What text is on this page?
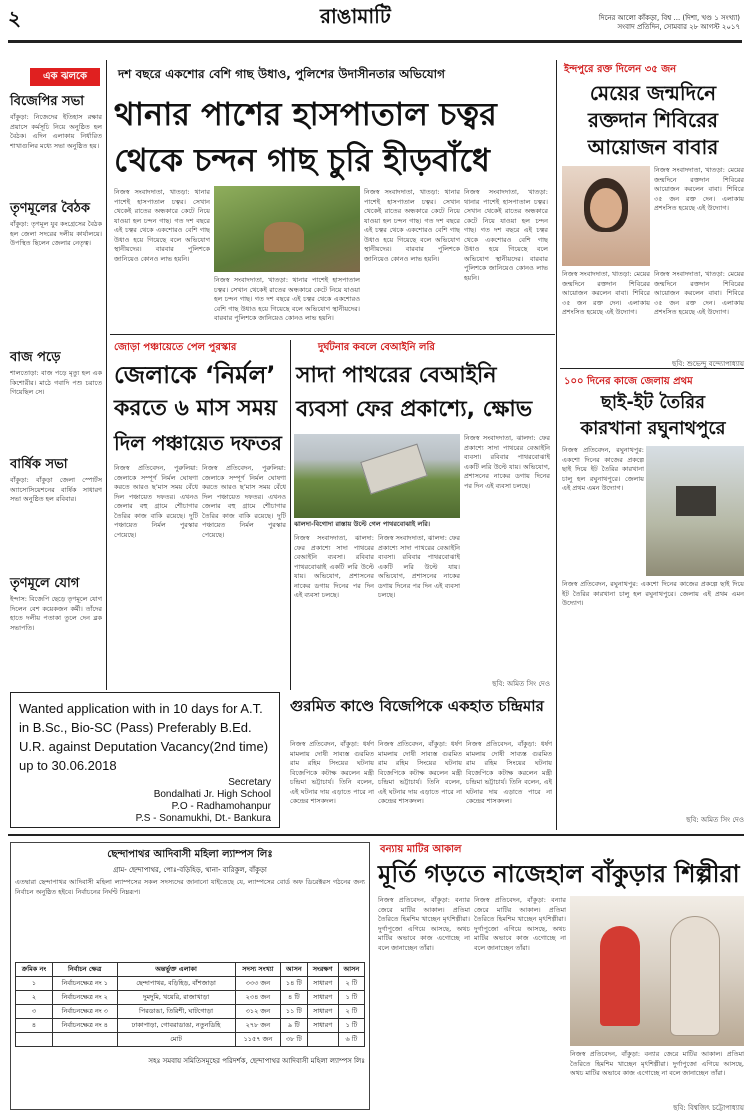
২	রাঙামাটি	দিনের আলো কাঁকড়া, বিশ্ব ... (দিশা, খণ্ড ১ সংখ্যা)
সংবাদ প্রতিদিন, সোমবার ২৮ আগস্ট ২০১৭
এক ঝলকে
বিজেপির সভা
বাঁকুড়া: নিজেদের ইতিহাস রক্ষার প্রয়াসে কর্মসূচি নিয়ে অনুষ্ঠিত হল বৈঠক। এদিন এলাকায় নির্ধারিত শাখাগুলির মধ্যে সভা অনুষ্ঠিত হয়।
তৃণমূলের বৈঠক
বাঁকুড়া: তৃণমূল যুব কংগ্রেসের বৈঠক হল জেলা সদরের দলীয় কার্যালয়ে। উপস্থিত ছিলেন জেলার নেতৃত্ব।
বাজ পড়ে
শালতোড়া: বাজ পড়ে মৃত্যু হল এক কিশোরীর। মাঠে গবাদি পশু চরাতে গিয়েছিল সে।
বার্ষিক সভা
বাঁকুড়া: বাঁকুড়া জেলা স্পোর্টস অ্যাসোসিয়েশনের বার্ষিক সাধারণ সভা অনুষ্ঠিত হল রবিবার।
তৃণমূলে যোগ
ইন্দাস: বিজেপি ছেড়ে তৃণমূলে যোগ দিলেন বেশ কয়েকজন কর্মী। তাঁদের হাতে দলীয় পতাকা তুলে দেন ব্লক সভাপতি।
দশ বছরে একশোর বেশি গাছ উধাও, পুলিশের উদাসীনতার অভিযোগ
থানার পাশের হাসপাতাল চত্বর
থেকে চন্দন গাছ চুরি হীড়বাঁধে
নিজস্ব সংবাদদাতা, খাতড়া: থানার পাশেই হাসপাতাল চত্বর। সেখান থেকেই রাতের অন্ধকারে কেটে নিয়ে যাওয়া হল চন্দন গাছ। গত দশ বছরে এই চত্বর থেকে একশোরও বেশি গাছ উধাও হয়ে গিয়েছে বলে অভিযোগ স্থানীয়দের। বারবার পুলিশকে জানিয়েও কোনও লাভ হয়নি।
নিজস্ব সংবাদদাতা, খাতড়া: থানার পাশেই হাসপাতাল চত্বর। সেখান থেকেই রাতের অন্ধকারে কেটে নিয়ে যাওয়া হল চন্দন গাছ। গত দশ বছরে এই চত্বর থেকে একশোরও বেশি গাছ উধাও হয়ে গিয়েছে বলে অভিযোগ স্থানীয়দের। বারবার পুলিশকে জানিয়েও কোনও লাভ হয়নি।
নিজস্ব সংবাদদাতা, খাতড়া: থানার পাশেই হাসপাতাল চত্বর। সেখান থেকেই রাতের অন্ধকারে কেটে নিয়ে যাওয়া হল চন্দন গাছ। গত দশ বছরে এই চত্বর থেকে একশোরও বেশি গাছ উধাও হয়ে গিয়েছে বলে অভিযোগ স্থানীয়দের। বারবার পুলিশকে জানিয়েও কোনও লাভ হয়নি।
নিজস্ব সংবাদদাতা, খাতড়া: থানার পাশেই হাসপাতাল চত্বর। সেখান থেকেই রাতের অন্ধকারে কেটে নিয়ে যাওয়া হল চন্দন গাছ। গত দশ বছরে এই চত্বর থেকে একশোরও বেশি গাছ উধাও হয়ে গিয়েছে বলে অভিযোগ স্থানীয়দের। বারবার পুলিশকে জানিয়েও কোনও লাভ হয়নি।
জোড়া পঞ্চায়েতে পেল পুরস্কার
জেলাকে ‘নির্মল’
করতে ৬ মাস সময়
দিল পঞ্চায়েত দফতর
নিজস্ব প্রতিবেদন, পুরুলিয়া: জেলাকে সম্পূর্ণ নির্মল ঘোষণা করতে আরও ছ’মাস সময় বেঁধে দিল পঞ্চায়েত দফতর। এখনও জেলার বহু গ্রামে শৌচাগার তৈরির কাজ বাকি রয়েছে। দুটি পঞ্চায়েত নির্মল পুরস্কার পেয়েছে।
নিজস্ব প্রতিবেদন, পুরুলিয়া: জেলাকে সম্পূর্ণ নির্মল ঘোষণা করতে আরও ছ’মাস সময় বেঁধে দিল পঞ্চায়েত দফতর। এখনও জেলার বহু গ্রামে শৌচাগার তৈরির কাজ বাকি রয়েছে। দুটি পঞ্চায়েত নির্মল পুরস্কার পেয়েছে।
দুর্ঘটনার কবলে বেআইনি লরি
সাদা পাথরের বেআইনি
ব্যবসা ফের প্রকাশ্যে, ক্ষোভ
ঝালদা-বিগোদা রাস্তায় উল্টে গেল পাথরবোঝাই লরি।
নিজস্ব সংবাদদাতা, ঝালদা: ফের প্রকাশ্যে সাদা পাথরের বেআইনি ব্যবসা। রবিবার পাথরবোঝাই একটি লরি উল্টে যায়। অভিযোগ, প্রশাসনের নাকের ডগায় দিনের পর দিন এই ব্যবসা চলছে।
নিজস্ব সংবাদদাতা, ঝালদা: ফের প্রকাশ্যে সাদা পাথরের বেআইনি ব্যবসা। রবিবার পাথরবোঝাই একটি লরি উল্টে যায়। অভিযোগ, প্রশাসনের নাকের ডগায় দিনের পর দিন এই ব্যবসা চলছে।
নিজস্ব সংবাদদাতা, ঝালদা: ফের প্রকাশ্যে সাদা পাথরের বেআইনি ব্যবসা। রবিবার পাথরবোঝাই একটি লরি উল্টে যায়। অভিযোগ, প্রশাসনের নাকের ডগায় দিনের পর দিন এই ব্যবসা চলছে।
ছবি: অমিত সিং দেও
ইন্দপুরে রক্ত দিলেন ৩৫ জন
মেয়ের জন্মদিনে
রক্তদান শিবিরের
আয়োজন বাবার
নিজস্ব সংবাদদাতা, খাতড়া: মেয়ের জন্মদিনে রক্তদান শিবিরের আয়োজন করলেন বাবা। শিবিরে ৩৫ জন রক্ত দেন। এলাকায় প্রশংসিত হয়েছে এই উদ্যোগ।
নিজস্ব সংবাদদাতা, খাতড়া: মেয়ের জন্মদিনে রক্তদান শিবিরের আয়োজন করলেন বাবা। শিবিরে ৩৫ জন রক্ত দেন। এলাকায় প্রশংসিত হয়েছে এই উদ্যোগ।
নিজস্ব সংবাদদাতা, খাতড়া: মেয়ের জন্মদিনে রক্তদান শিবিরের আয়োজন করলেন বাবা। শিবিরে ৩৫ জন রক্ত দেন। এলাকায় প্রশংসিত হয়েছে এই উদ্যোগ।
ছবি: শুভেন্দু বন্দ্যোপাধ্যায়
১০০ দিনের কাজে জেলায় প্রথম
ছাই-ইট তৈরির
কারখানা রঘুনাথপুরে
নিজস্ব প্রতিবেদন, রঘুনাথপুর: একশো দিনের কাজের প্রকল্পে ছাই দিয়ে ইট তৈরির কারখানা চালু হল রঘুনাথপুরে। জেলায় এই প্রথম এমন উদ্যোগ।
নিজস্ব প্রতিবেদন, রঘুনাথপুর: একশো দিনের কাজের প্রকল্পে ছাই দিয়ে ইট তৈরির কারখানা চালু হল রঘুনাথপুরে। জেলায় এই প্রথম এমন উদ্যোগ।
ছবি: অমিত সিং দেও
Wanted application with in 10 days for A.T.
in B.Sc., Bio-SC (Pass) Preferably B.Ed.
U.R. against Deputation Vacancy(2nd time)
up to 30.06.2018
Secretary
Bondalhati Jr. High School
P.O - Radhamohanpur
P.S - Sonamukhi, Dt.- Bankura
গুরমিত কাণ্ডে বিজেপিকে একহাত চন্দ্রিমার
নিজস্ব প্রতিবেদন, বাঁকুড়া: ধর্ষণ মামলায় দোষী সাব্যস্ত গুরমিত রাম রহিম সিংয়ের ঘটনায় বিজেপিকে কটাক্ষ করলেন মন্ত্রী চন্দ্রিমা ভট্টাচার্য। তিনি বলেন, এই ঘটনার দায় এড়াতে পারে না কেন্দ্রের শাসকদল।
নিজস্ব প্রতিবেদন, বাঁকুড়া: ধর্ষণ মামলায় দোষী সাব্যস্ত গুরমিত রাম রহিম সিংয়ের ঘটনায় বিজেপিকে কটাক্ষ করলেন মন্ত্রী চন্দ্রিমা ভট্টাচার্য। তিনি বলেন, এই ঘটনার দায় এড়াতে পারে না কেন্দ্রের শাসকদল।
নিজস্ব প্রতিবেদন, বাঁকুড়া: ধর্ষণ মামলায় দোষী সাব্যস্ত গুরমিত রাম রহিম সিংয়ের ঘটনায় বিজেপিকে কটাক্ষ করলেন মন্ত্রী চন্দ্রিমা ভট্টাচার্য। তিনি বলেন, এই ঘটনার দায় এড়াতে পারে না কেন্দ্রের শাসকদল।
ছেন্দাপাথর আদিবাসী মহিলা ল্যাম্পস লিঃ
গ্রাম- ছেন্দাপাথর, পোঃ-বড়িহিড়, থানা- বারিকুল, বাঁকুড়া
এতদ্বারা ছেন্দাপাথর আদিবাসী মহিলা ল্যাম্পসের সকল সদস্যদের জানানো যাইতেছে যে, ল্যাম্পসের বোর্ড অফ ডিরেক্টরস গঠনের জন্য নির্বাচন অনুষ্ঠিত হইবে। নির্বাচনের নির্ঘণ্ট নিম্নরূপ।
ক্রমিক নং	নির্বাচন ক্ষেত্র	অন্তর্ভুক্ত এলাকা	সদস্য সংখ্যা	আসন	সংরক্ষণ	আসন
১	নির্বাচনক্ষেত্র নং ১	ছেন্দাপাথর, বড়িহিড়, বাঁশজাড়া	৩৩৩ জন	১৪ টি	সাধারণ	২ টি
২	নির্বাচনক্ষেত্র নং ২	দুমদুমি, খয়েরি, রাজাখাড়া	২৩৪ জন	৪ টি	সাধারণ	১ টি
৩	নির্বাচনক্ষেত্র নং ৩	পিরডাঙা, তিরিশী, ঘাটগোড়া	৩১২ জন	১১ টি	সাধারণ	২ টি
৪	নির্বাচনক্ষেত্র নং ৪	ঢাকাপাড়া, গোবরাডাঙা, নতুনডিহি	২৭৮ জন	৯ টি	সাধারণ	১ টি
		মোট	১১৫৭ জন	৩৮ টি		৬ টি
সহঃ সমবায় সমিতিসমূহের পরিদর্শক, ছেন্দাপাথর আদিবাসী মহিলা ল্যাম্পস লিঃ
বন্যায় মাটির আকাল
মূর্তি গড়তে নাজেহাল বাঁকুড়ার শিল্পীরা
নিজস্ব প্রতিবেদন, বাঁকুড়া: বন্যার জেরে মাটির আকাল। প্রতিমা তৈরিতে হিমশিম খাচ্ছেন মৃৎশিল্পীরা। দুর্গাপুজো এগিয়ে আসছে, অথচ মাটির অভাবে কাজ এগোচ্ছে না বলে জানাচ্ছেন তাঁরা।
নিজস্ব প্রতিবেদন, বাঁকুড়া: বন্যার জেরে মাটির আকাল। প্রতিমা তৈরিতে হিমশিম খাচ্ছেন মৃৎশিল্পীরা। দুর্গাপুজো এগিয়ে আসছে, অথচ মাটির অভাবে কাজ এগোচ্ছে না বলে জানাচ্ছেন তাঁরা।
নিজস্ব প্রতিবেদন, বাঁকুড়া: বন্যার জেরে মাটির আকাল। প্রতিমা তৈরিতে হিমশিম খাচ্ছেন মৃৎশিল্পীরা। দুর্গাপুজো এগিয়ে আসছে, অথচ মাটির অভাবে কাজ এগোচ্ছে না বলে জানাচ্ছেন তাঁরা।
ছবি: বিশ্বজিৎ চট্টোপাধ্যায়
